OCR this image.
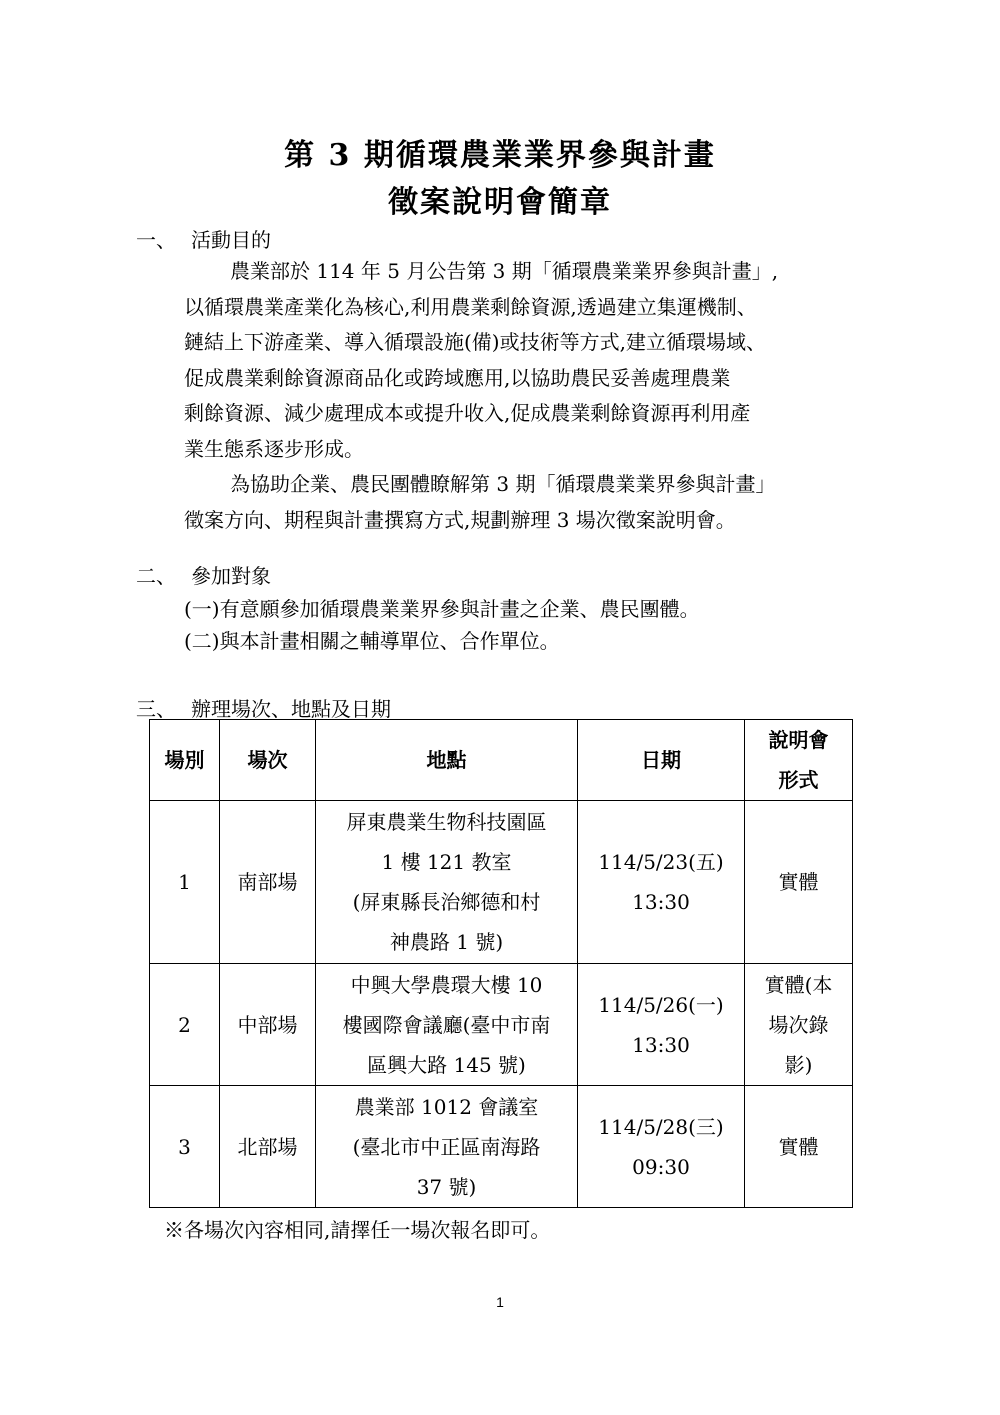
第 3 期循環農業業界參與計畫
徵案說明會簡章
一、 活動目的
農業部於 114 年 5 月公告第 3 期「循環農業業界參與計畫」,
以循環農業產業化為核心,利用農業剩餘資源,透過建立集運機制、
鏈結上下游產業、導入循環設施(備)或技術等方式,建立循環場域、
促成農業剩餘資源商品化或跨域應用,以協助農民妥善處理農業
剩餘資源、減少處理成本或提升收入,促成農業剩餘資源再利用產
業生態系逐步形成。
為協助企業、農民團體瞭解第 3 期「循環農業業界參與計畫」
徵案方向、期程與計畫撰寫方式,規劃辦理 3 場次徵案說明會。
二、 參加對象
(一)有意願參加循環農業業界參與計畫之企業、農民團體。
(二)與本計畫相關之輔導單位、合作單位。
三、 辦理場次、地點及日期
場別	場次	地點	日期	說明會形式
1	南部場	屏東農業生物科技園區
1 樓 121 教室
(屏東縣長治鄉德和村
神農路 1 號)	114/5/23(五)
13:30	實體

2	中部場	中興大學農環大樓 10
樓國際會議廳(臺中市南
區興大路 145 號)	114/5/26(一)
13:30	實體(本
場次錄
影)

3	北部場	農業部 1012 會議室
(臺北市中正區南海路
37 號)	114/5/28(三)
09:30	實體
※各場次內容相同,請擇任一場次報名即可。
1
